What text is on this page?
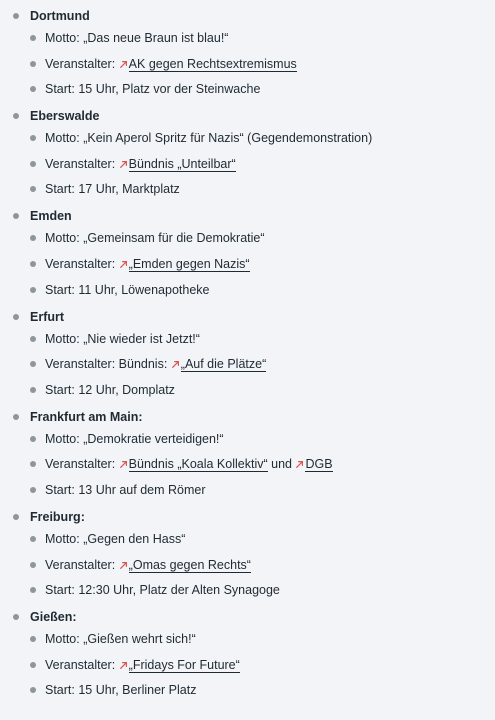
Dortmund
Motto: „Das neue Braun ist blau!“
Veranstalter: AK gegen Rechtsextremismus
Start: 15 Uhr, Platz vor der Steinwache
Eberswalde
Motto: „Kein Aperol Spritz für Nazis“ (Gegendemonstration)
Veranstalter: Bündnis „Unteilbar“
Start: 17 Uhr, Marktplatz
Emden
Motto: „Gemeinsam für die Demokratie“
Veranstalter: „Emden gegen Nazis“
Start: 11 Uhr, Löwenapotheke
Erfurt
Motto: „Nie wieder ist Jetzt!“
Veranstalter: Bündnis: „Auf die Plätze“
Start: 12 Uhr, Domplatz
Frankfurt am Main:
Motto: „Demokratie verteidigen!“
Veranstalter: Bündnis „Koala Kollektiv“ und DGB
Start: 13 Uhr auf dem Römer
Freiburg:
Motto: „Gegen den Hass“
Veranstalter: „Omas gegen Rechts“
Start: 12:30 Uhr, Platz der Alten Synagoge
Gießen:
Motto: „Gießen wehrt sich!“
Veranstalter: „Fridays For Future“
Start: 15 Uhr, Berliner Platz
